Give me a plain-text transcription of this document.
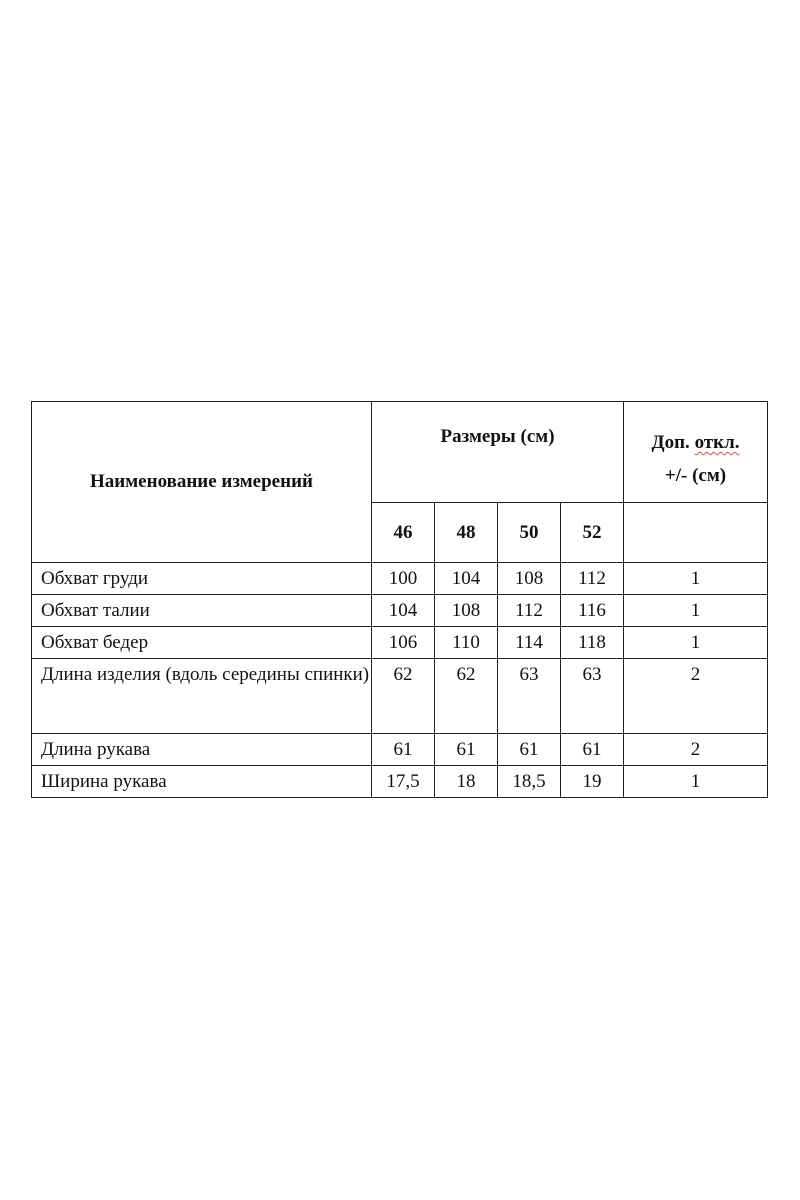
Наименование измерений	Размеры (см)				Доп. откл.
+/- (см)
	46	48	50	52	
Обхват груди	100	104	108	112	1
Обхват талии	104	108	112	116	1
Обхват бедер	106	110	114	118	1
Длина изделия (вдоль середины спинки)	62	62	63	63	2
Длина рукава	61	61	61	61	2
Ширина рукава	17,5	18	18,5	19	1
